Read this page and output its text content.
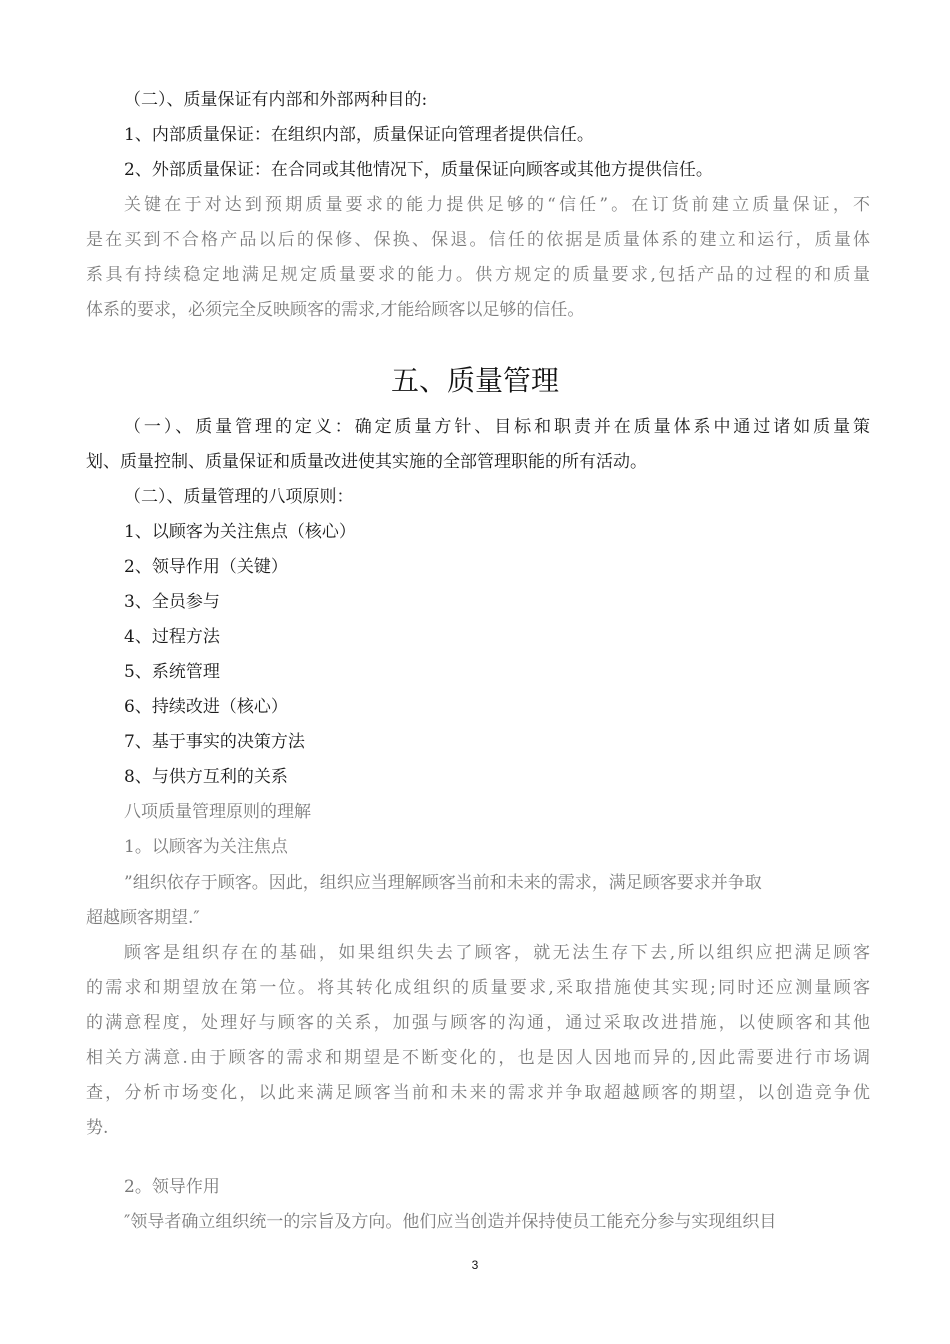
（二）、质量保证有内部和外部两种目的:
1、内部质量保证：在组织内部，质量保证向管理者提供信任。
2、外部质量保证：在合同或其他情况下，质量保证向顾客或其他方提供信任。
关键在于对达到预期质量要求的能力提供足够的“信任”。在订货前建立质量保证，不
是在买到不合格产品以后的保修、保换、保退。信任的依据是质量体系的建立和运行，质量体
系具有持续稳定地满足规定质量要求的能力。供方规定的质量要求,包括产品的过程的和质量
体系的要求，必须完全反映顾客的需求,才能给顾客以足够的信任。
五、质量管理
（一）、质量管理的定义：确定质量方针、目标和职责并在质量体系中通过诸如质量策
划、质量控制、质量保证和质量改进使其实施的全部管理职能的所有活动。
（二）、质量管理的八项原则：
1、以顾客为关注焦点（核心）
2、领导作用（关键）
3、全员参与
4、过程方法
5、系统管理
6、持续改进（核心）
7、基于事实的决策方法
8、与供方互利的关系
八项质量管理原则的理解
1。以顾客为关注焦点
”组织依存于顾客。因此，组织应当理解顾客当前和未来的需求，满足顾客要求并争取
超越顾客期望.″
顾客是组织存在的基础，如果组织失去了顾客，就无法生存下去,所以组织应把满足顾客
的需求和期望放在第一位。将其转化成组织的质量要求,采取措施使其实现;同时还应测量顾客
的满意程度，处理好与顾客的关系，加强与顾客的沟通，通过采取改进措施，以使顾客和其他
相关方满意.由于顾客的需求和期望是不断变化的，也是因人因地而异的,因此需要进行市场调
查，分析市场变化，以此来满足顾客当前和未来的需求并争取超越顾客的期望，以创造竞争优
势.
2。领导作用
″领导者确立组织统一的宗旨及方向。他们应当创造并保持使员工能充分参与实现组织目
3
